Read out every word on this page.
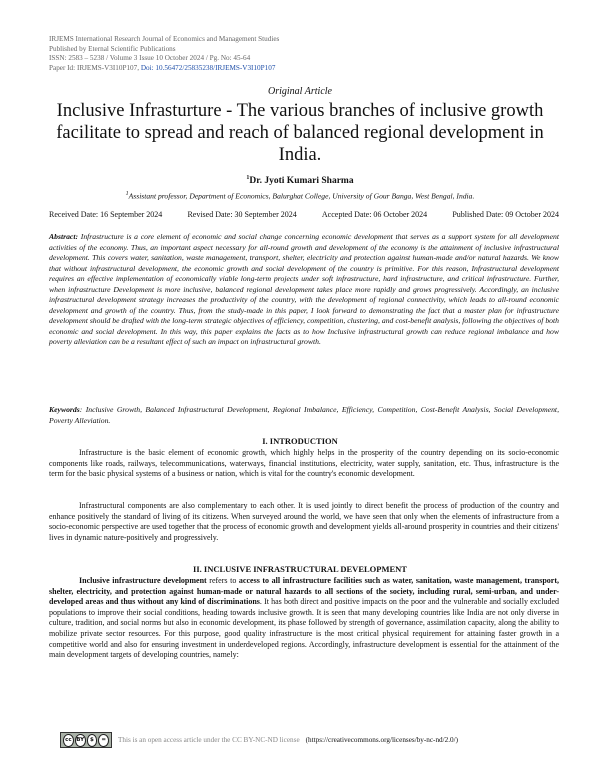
IRJEMS International Research Journal of Economics and Management Studies
Published by Eternal Scientific Publications
ISSN: 2583 – 5238 / Volume 3 Issue 10 October 2024 / Pg. No: 45-64
Paper Id: IRJEMS-V3I10P107, Doi: 10.56472/25835238/IRJEMS-V3I10P107
Original Article
Inclusive Infrasturture - The various branches of inclusive growth facilitate to spread and reach of balanced regional development in India.
$^1$Dr. Jyoti Kumari Sharma
$^1$Assistant professor, Department of Economics, Balurghat College, University of Gour Banga, West Bengal, India.
Received Date: 16 September 2024	Revised Date: 30 September 2024	Accepted Date: 06 October 2024	Published Date: 09 October 2024

Abstract: Infrastructure is a core element of economic and social change concerning economic development that serves as a support system for all development activities of the economy. Thus, an important aspect necessary for all-round growth and development of the economy is the attainment of inclusive infrastructural development. This covers water, sanitation, waste management, transport, shelter, electricity and protection against human-made and/or natural hazards. We know that without infrastructural development, the economic growth and social development of the country is primitive. For this reason, Infrastructural development requires an effective implementation of economically viable long-term projects under soft infrastructure, hard infrastructure, and critical infrastructure. Further, when infrastructure Development is more inclusive, balanced regional development takes place more rapidly and grows progressively. Accordingly, an inclusive infrastructural development strategy increases the productivity of the country, with the development of regional connectivity, which leads to all-round economic development and growth of the country. Thus, from the study-made in this paper, I look forward to demonstrating the fact that a master plan for infrastructure development should be drafted with the long-term strategic objectives of efficiency, competition, clustering, and cost-benefit analysis, following the objectives of both economic and social development. In this way, this paper explains the facts as to how Inclusive infrastructural growth can reduce regional imbalance and how poverty alleviation can be a resultant effect of such an impact on infrastructural growth.

Keywords: Inclusive Growth, Balanced Infrastructural Development, Regional Imbalance, Efficiency, Competition, Cost-Benefit Analysis, Social Development, Poverty Alleviation.

I. INTRODUCTION

Infrastructure is the basic element of economic growth, which highly helps in the prosperity of the country depending on its socio-economic components like roads, railways, telecommunications, waterways, financial institutions, electricity, water supply, sanitation, etc. Thus, infrastructure is the term for the basic physical systems of a business or nation, which is vital for the country's economic development.

Infrastructural components are also complementary to each other. It is used jointly to direct benefit the process of production of the country and enhance positively the standard of living of its citizens. When surveyed around the world, we have seen that only when the elements of infrastructure from a socio-economic perspective are used together that the process of economic growth and development yields all-around prosperity in countries and their citizens' lives in dynamic nature-positively and progressively.

II. INCLUSIVE INFRASTRUCTURAL DEVELOPMENT

Inclusive infrastructure development refers to access to all infrastructure facilities such as water, sanitation, waste management, transport, shelter, electricity, and protection against human-made or natural hazards to all sections of the society, including rural, semi-urban, and under-developed areas and thus without any kind of discriminations. It has both direct and positive impacts on the poor and the vulnerable and socially excluded populations to improve their social conditions, heading towards inclusive growth. It is seen that many developing countries like India are not only diverse in culture, tradition, and social norms but also in economic development, its phase followed by strength of governance, assimilation capacity, along the ability to mobilize private sector resources. For this purpose, good quality infrastructure is the most critical physical requirement for attaining faster growth in a competitive world and also for ensuring investment in underdeveloped regions. Accordingly, infrastructure development is essential for the attainment of the main development targets of developing countries, namely:

cc BY	$	=	This is an open access article under the CC BY-NC-ND license (https://creativecommons.org/licenses/by-nc-nd/2.0/)
